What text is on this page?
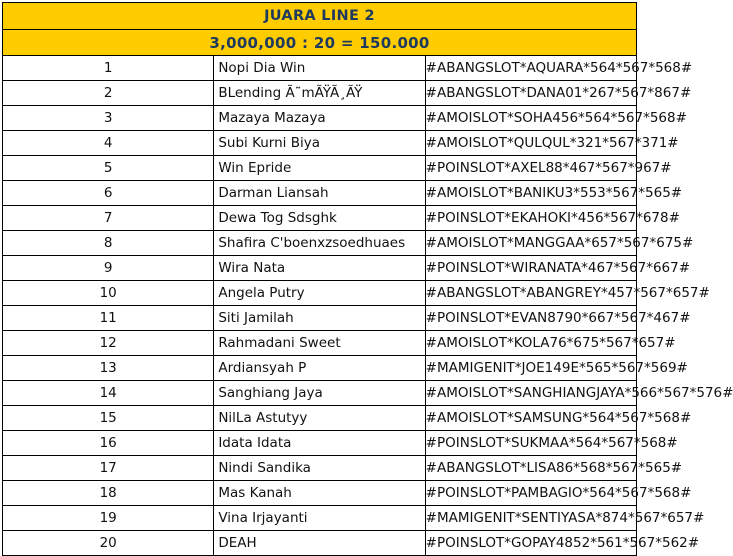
JUARA LINE 2		
3,000,000 : 20 = 150.000		
1	Nopi Dia Win	#ABANGSLOT*AQUARA*564*567*568#
2	BLending Ã˜mÃŸÃ¸ÃŸ	#ABANGSLOT*DANA01*267*567*867#
3	Mazaya Mazaya	#AMOISLOT*SOHA456*564*567*568#
4	Subi Kurni Biya	#AMOISLOT*QULQUL*321*567*371#
5	Win Epride	#POINSLOT*AXEL88*467*567*967#
6	Darman Liansah	#AMOISLOT*BANIKU3*553*567*565#
7	Dewa Tog Sdsghk	#POINSLOT*EKAHOKI*456*567*678#
8	Shafira C'boenxzsoedhuaes	#AMOISLOT*MANGGAA*657*567*675#
9	Wira Nata	#POINSLOT*WIRANATA*467*567*667#
10	Angela Putry	#ABANGSLOT*ABANGREY*457*567*657#
11	Siti Jamilah	#POINSLOT*EVAN8790*667*567*467#
12	Rahmadani Sweet	#AMOISLOT*KOLA76*675*567*657#
13	Ardiansyah P	#MAMIGENIT*JOE149E*565*567*569#
14	Sanghiang Jaya	#AMOISLOT*SANGHIANGJAYA*566*567*576#
15	NilLa Astutyy	#AMOISLOT*SAMSUNG*564*567*568#
16	Idata Idata	#POINSLOT*SUKMAA*564*567*568#
17	Nindi Sandika	#ABANGSLOT*LISA86*568*567*565#
18	Mas Kanah	#POINSLOT*PAMBAGIO*564*567*568#
19	Vina Irjayanti	#MAMIGENIT*SENTIYASA*874*567*657#
20	DEAH	#POINSLOT*GOPAY4852*561*567*562#
